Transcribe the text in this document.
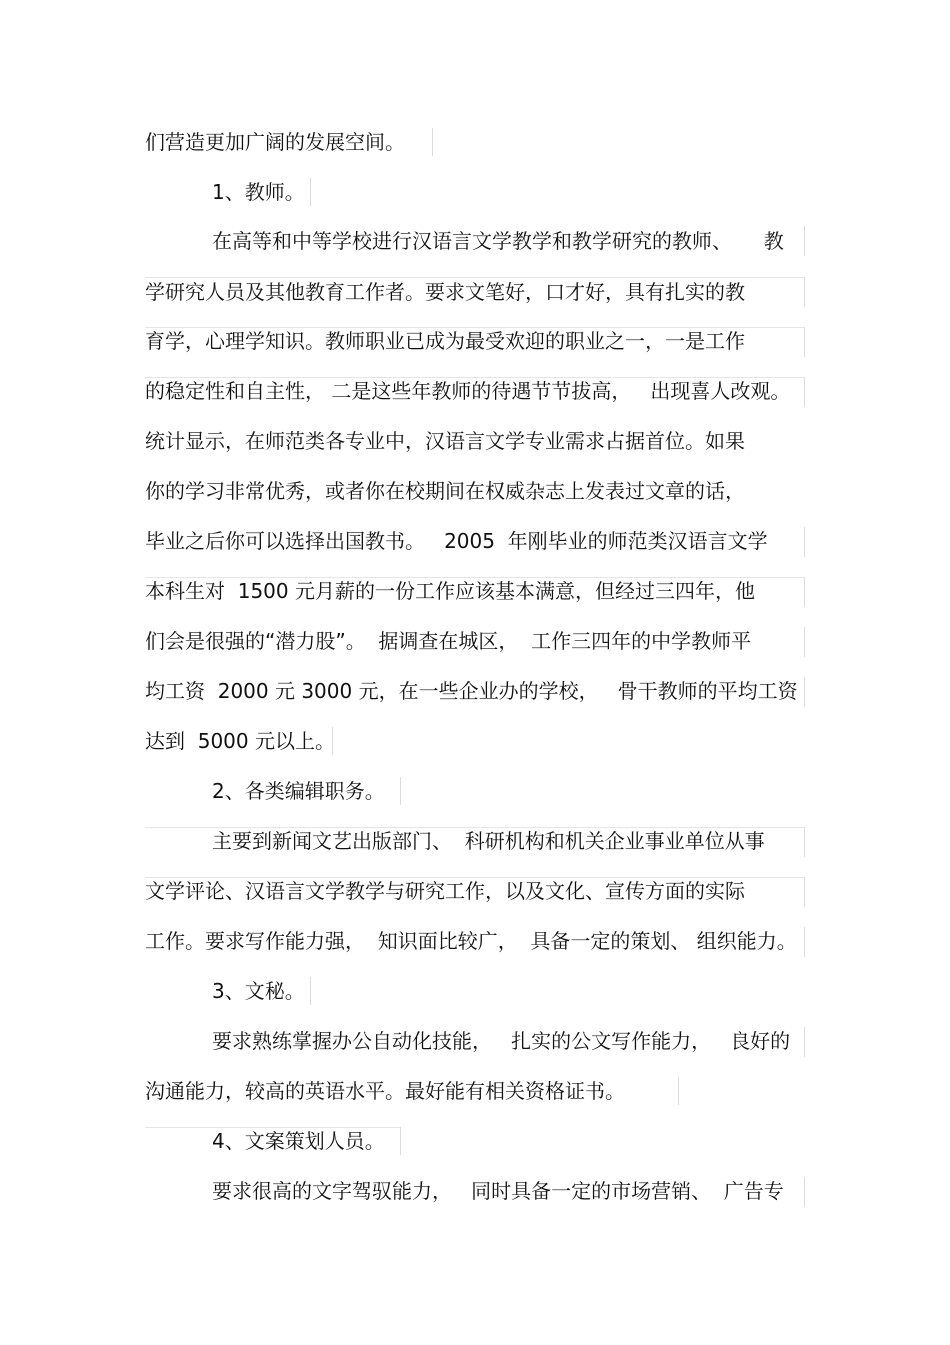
们营造更加广阔的发展空间。
1、教师。
在高等和中等学校进行汉语言文学教学和教学研究的教师、     教
学研究人员及其他教育工作者。要求文笔好，口才好，具有扎实的教
育学，心理学知识。教师职业已成为最受欢迎的职业之一，一是工作
的稳定性和自主性， 二是这些年教师的待遇节节拔高，   出现喜人改观。
统计显示，在师范类各专业中，汉语言文学专业需求占据首位。如果
你的学习非常优秀，或者你在校期间在权威杂志上发表过文章的话，
毕业之后你可以选择出国教书。   2005  年刚毕业的师范类汉语言文学
本科生对  1500 元月薪的一份工作应该基本满意，但经过三四年，他
们会是很强的“潜力股”。  据调查在城区，  工作三四年的中学教师平
均工资  2000 元 3000 元，在一些企业办的学校，   骨干教师的平均工资
达到  5000 元以上。
2、各类编辑职务。
主要到新闻文艺出版部门、  科研机构和机关企业事业单位从事
文学评论、汉语言文学教学与研究工作，以及文化、宣传方面的实际
工作。要求写作能力强，  知识面比较广，  具备一定的策划、 组织能力。
3、文秘。
要求熟练掌握办公自动化技能，   扎实的公文写作能力，   良好的
沟通能力，较高的英语水平。最好能有相关资格证书。
4、文案策划人员。
要求很高的文字驾驭能力，   同时具备一定的市场营销、  广告专
